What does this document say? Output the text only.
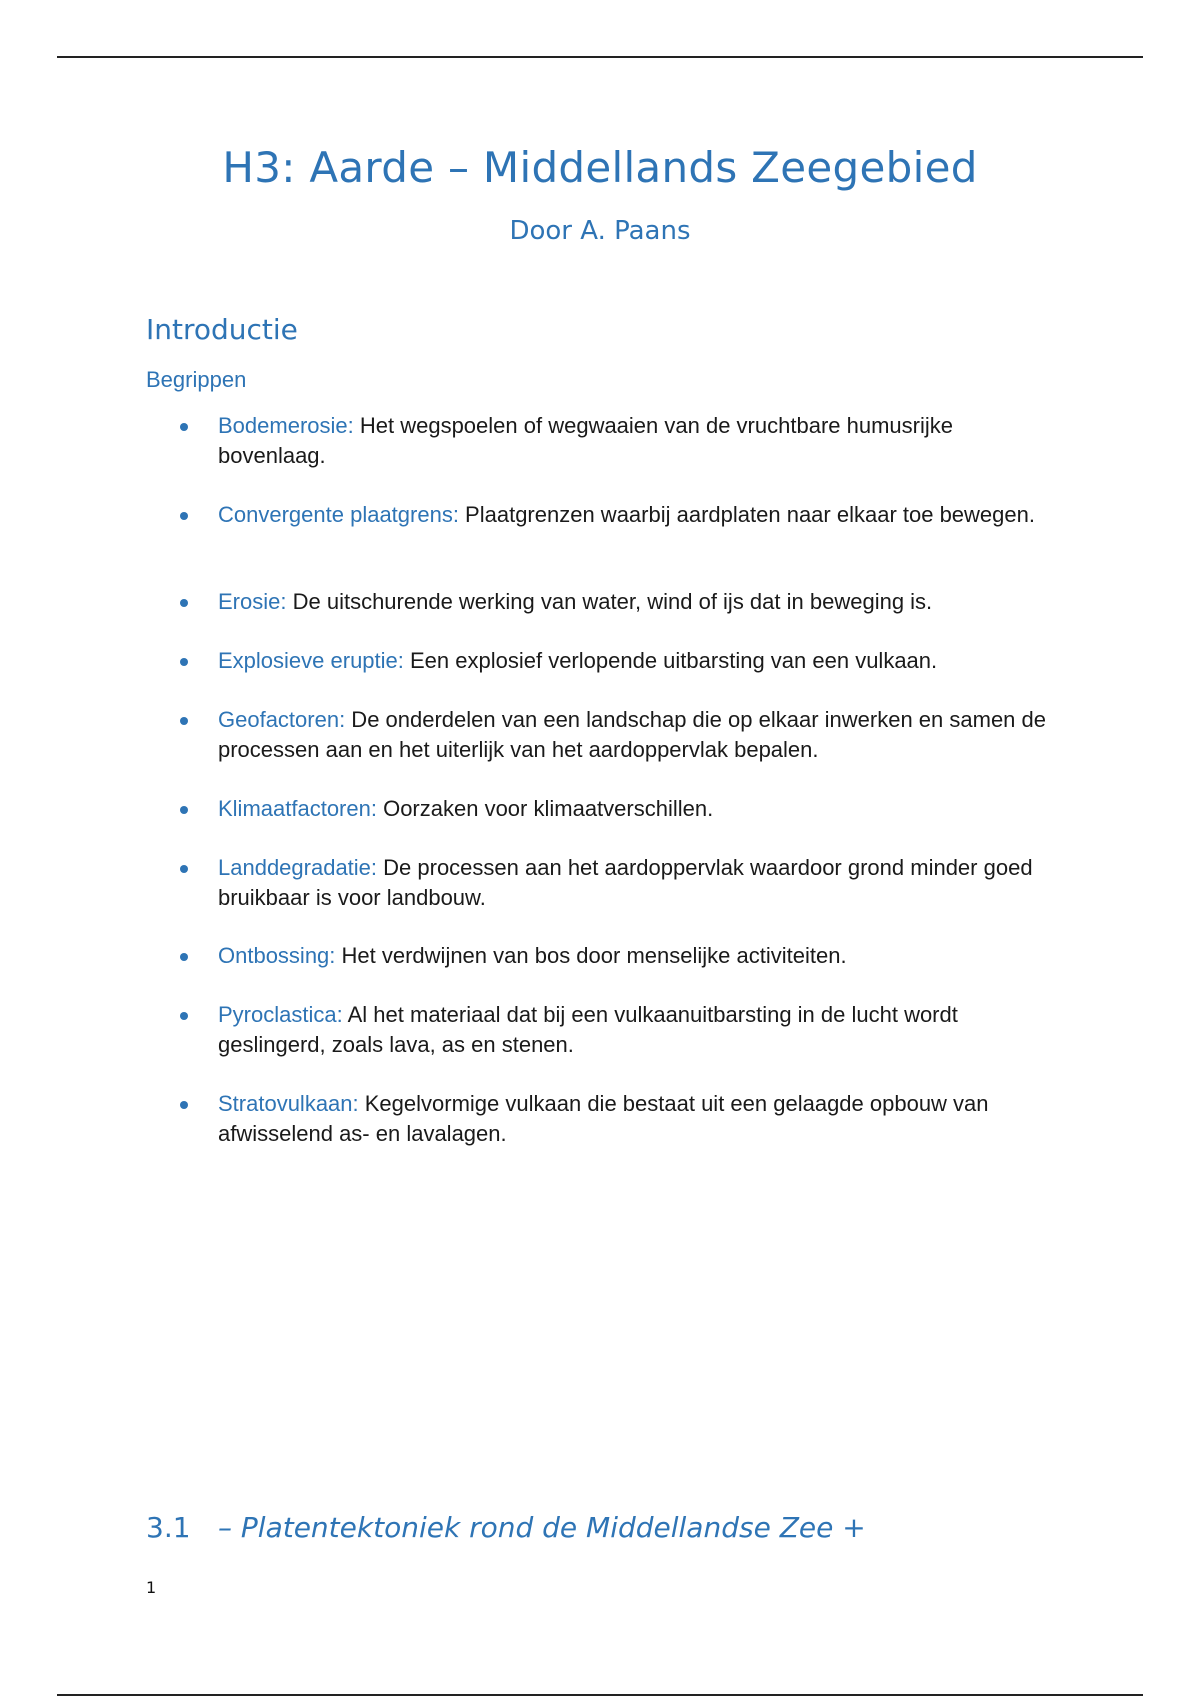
H3: Aarde – Middellands Zeegebied
Door A. Paans
Introductie
Begrippen
Bodemerosie: Het wegspoelen of wegwaaien van de vruchtbare humusrijke bovenlaag.
Convergente plaatgrens: Plaatgrenzen waarbij aardplaten naar elkaar toe bewegen.
Erosie: De uitschurende werking van water, wind of ijs dat in beweging is.
Explosieve eruptie: Een explosief verlopende uitbarsting van een vulkaan.
Geofactoren: De onderdelen van een landschap die op elkaar inwerken en samen de processen aan en het uiterlijk van het aardoppervlak bepalen.
Klimaatfactoren: Oorzaken voor klimaatverschillen.
Landdegradatie: De processen aan het aardoppervlak waardoor grond minder goed bruikbaar is voor landbouw.
Ontbossing: Het verdwijnen van bos door menselijke activiteiten.
Pyroclastica: Al het materiaal dat bij een vulkaanuitbarsting in de lucht wordt geslingerd, zoals lava, as en stenen.
Stratovulkaan: Kegelvormige vulkaan die bestaat uit een gelaagde opbouw van afwisselend as- en lavalagen.
3.1 – Platentektoniek rond de Middellandse Zee +
1
